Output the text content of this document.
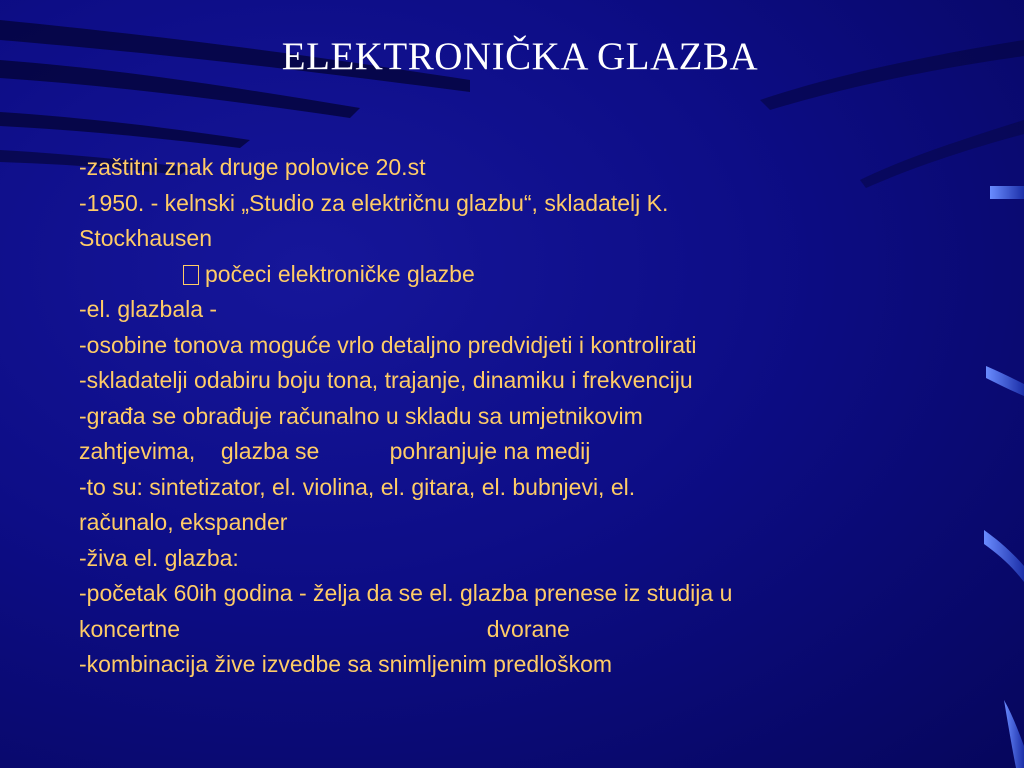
ELEKTRONIČKA GLAZBA
-zaštitni znak druge polovice 20.st
-1950. - kelnski „Studio za električnu glazbu“, skladatelj K.
Stockhausen
počeci elektroničke glazbe
-el. glazbala -
-osobine tonova moguće vrlo detaljno predvidjeti i kontrolirati
-skladatelji odabiru boju tona, trajanje, dinamiku i frekvenciju
-građa se obrađuje računalno u skladu sa umjetnikovim
zahtjevima,    glazba se           pohranjuje na medij
-to su: sintetizator, el. violina, el. gitara, el. bubnjevi, el.
računalo, ekspander
-živa el. glazba:
-početak 60ih godina - želja da se el. glazba prenese iz studija u
koncertne                                                dvorane
-kombinacija žive izvedbe sa snimljenim predloškom
